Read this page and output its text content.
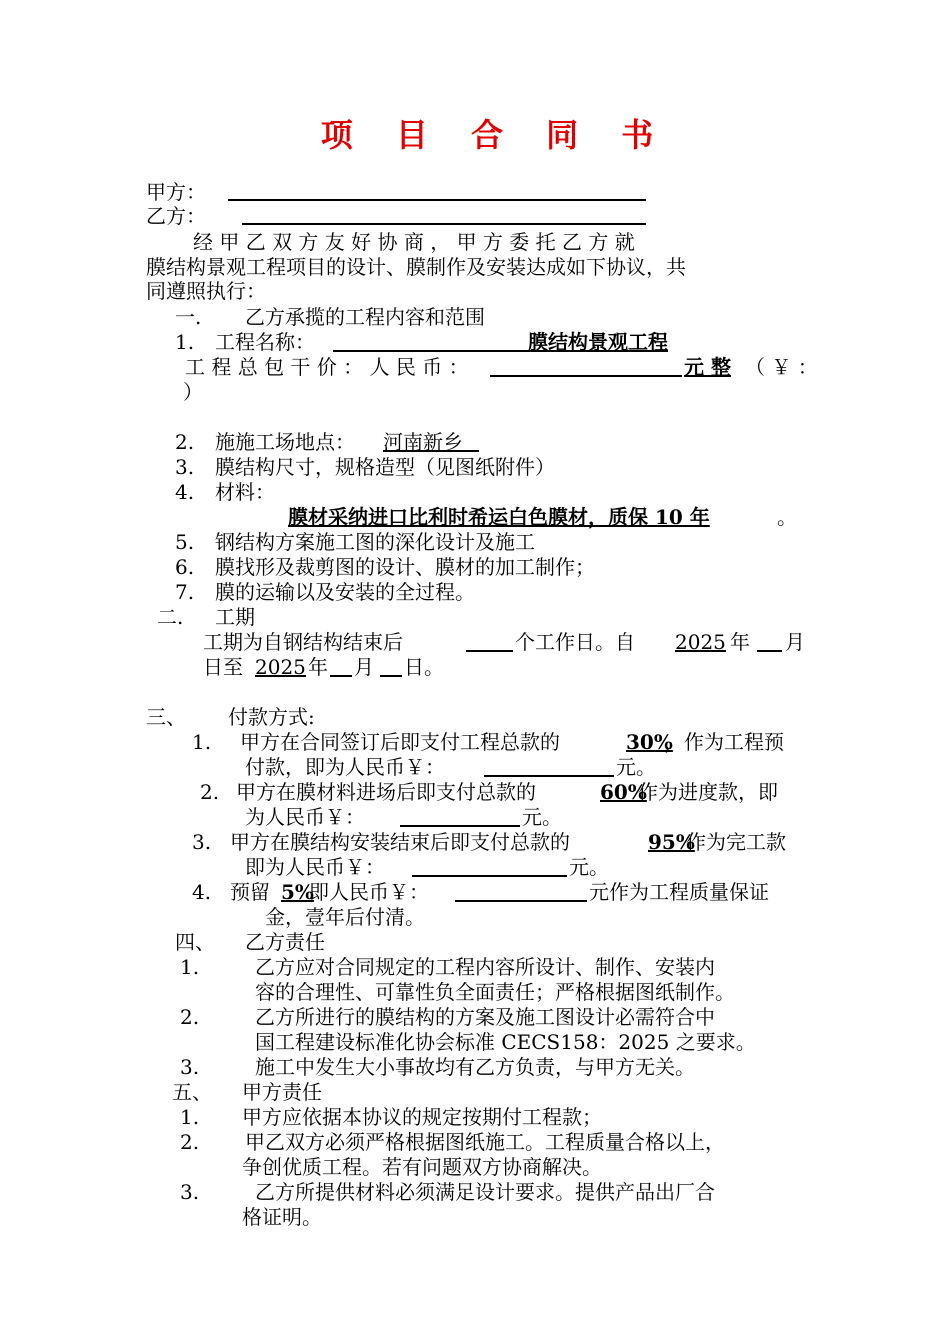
项 目 合 同 书
甲方：
乙方：
经 甲 乙 双 方 友 好 协 商 ， 甲 方 委 托 乙 方 就
膜结构景观工程项目的设计、膜制作及安装达成如下协议，共
同遵照执行：
一. 乙方承揽的工程内容和范围
1. 工程名称：	膜结构景观工程
工 程 总 包 干 价 ： 人 民 币 ：	元 整 （ ￥ ：
）
2. 施施工场地点： 河南新乡
3. 膜结构尺寸，规格造型（见图纸附件）
4. 材料：
膜材采纳进口比利时希运白色膜材，质保 10 年	。
5. 钢结构方案施工图的深化设计及施工
6. 膜找形及裁剪图的设计、膜材的加工制作；
7. 膜的运输以及安装的全过程。
二. 工期
工期为自钢结构结束后	个工作日。自 2025 年 月
日至 2025 年 月 日。
三、 付款方式:
1. 甲方在合同签订后即支付工程总款的	30%
，作为工程预
付款，即为人民币￥：	元。
2. 甲方在膜材料进场后即支付总款的	60%
作为进度款，即
为人民币￥：	元。
3. 甲方在膜结构安装结束后即支付总款的	95%
作为完工款
即为人民币￥：	元。
4. 预留 5%
即人民币￥：	元作为工程质量保证
金，壹年后付清。
四、 乙方责任
1.	乙方应对合同规定的工程内容所设计、制作、安装内
容的合理性、可靠性负全面责任；严格根据图纸制作。
2.	乙方所进行的膜结构的方案及施工图设计必需符合中
国工程建设标准化协会标准 CECS158：2025 之要求。
3.	施工中发生大小事故均有乙方负责，与甲方无关。
五、 甲方责任
1. 甲方应依据本协议的规定按期付工程款；
2. 甲乙双方必须严格根据图纸施工。工程质量合格以上，
争创优质工程。若有问题双方协商解决。
3.	乙方所提供材料必须满足设计要求。提供产品出厂合
格证明。
